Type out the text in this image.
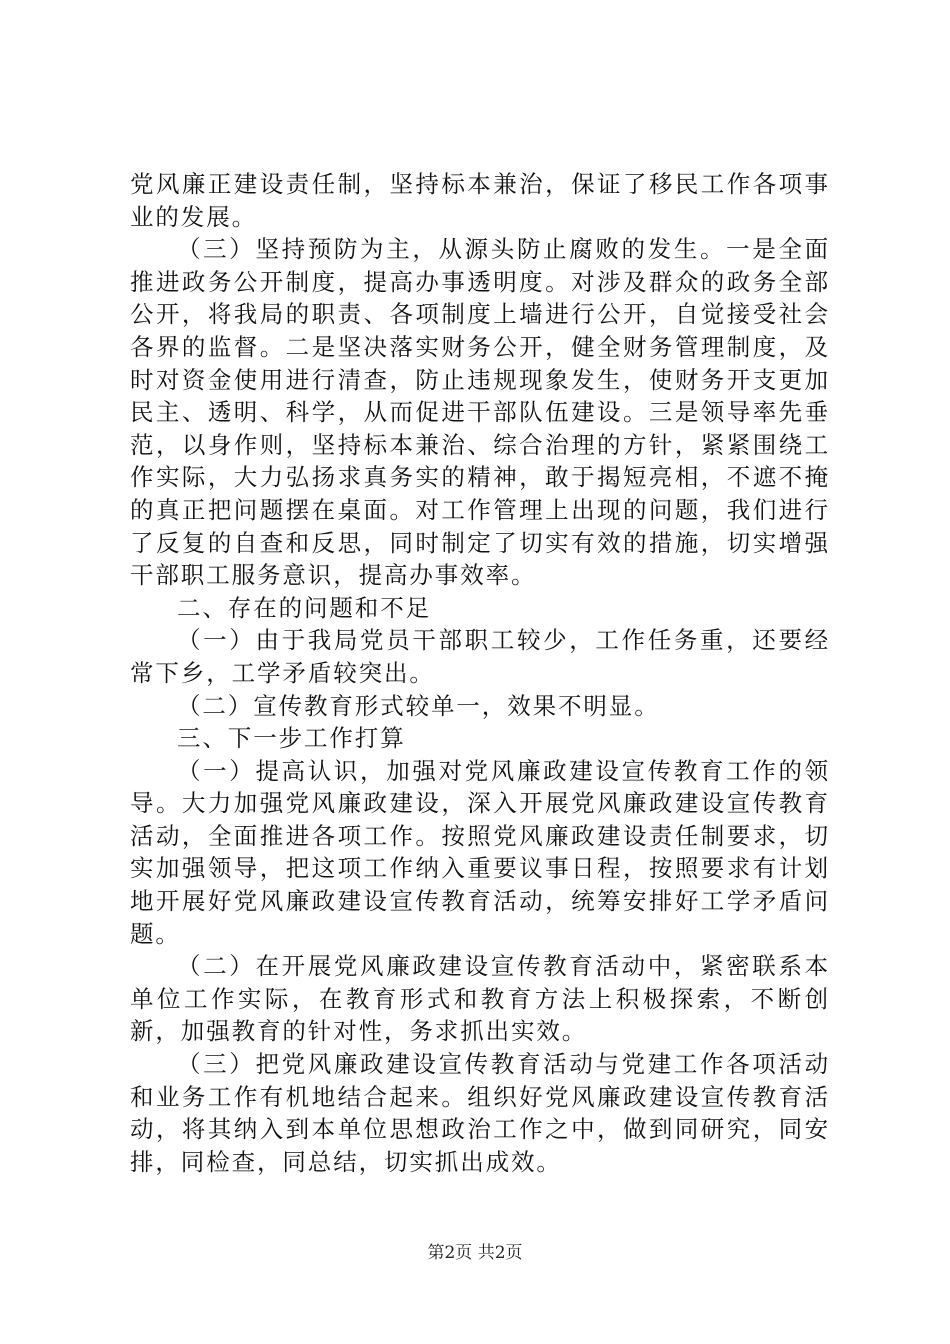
党风廉正建设责任制，坚持标本兼治，保证了移民工作各项事业的发展。

（三）坚持预防为主，从源头防止腐败的发生。一是全面推进政务公开制度，提高办事透明度。对涉及群众的政务全部公开，将我局的职责、各项制度上墙进行公开，自觉接受社会各界的监督。二是坚决落实财务公开，健全财务管理制度，及时对资金使用进行清查，防止违规现象发生，使财务开支更加民主、透明、科学，从而促进干部队伍建设。三是领导率先垂范，以身作则，坚持标本兼治、综合治理的方针，紧紧围绕工作实际，大力弘扬求真务实的精神，敢于揭短亮相，不遮不掩的真正把问题摆在桌面。对工作管理上出现的问题，我们进行了反复的自查和反思，同时制定了切实有效的措施，切实增强干部职工服务意识，提高办事效率。

二、存在的问题和不足

（一）由于我局党员干部职工较少，工作任务重，还要经常下乡，工学矛盾较突出。

（二）宣传教育形式较单一，效果不明显。

三、下一步工作打算

（一）提高认识，加强对党风廉政建设宣传教育工作的领导。大力加强党风廉政建设，深入开展党风廉政建设宣传教育活动，全面推进各项工作。按照党风廉政建设责任制要求，切实加强领导，把这项工作纳入重要议事日程，按照要求有计划地开展好党风廉政建设宣传教育活动，统筹安排好工学矛盾问题。

（二）在开展党风廉政建设宣传教育活动中，紧密联系本单位工作实际，在教育形式和教育方法上积极探索，不断创新，加强教育的针对性，务求抓出实效。

（三）把党风廉政建设宣传教育活动与党建工作各项活动和业务工作有机地结合起来。组织好党风廉政建设宣传教育活动，将其纳入到本单位思想政治工作之中，做到同研究，同安排，同检查，同总结，切实抓出成效。

第2页 共2页
